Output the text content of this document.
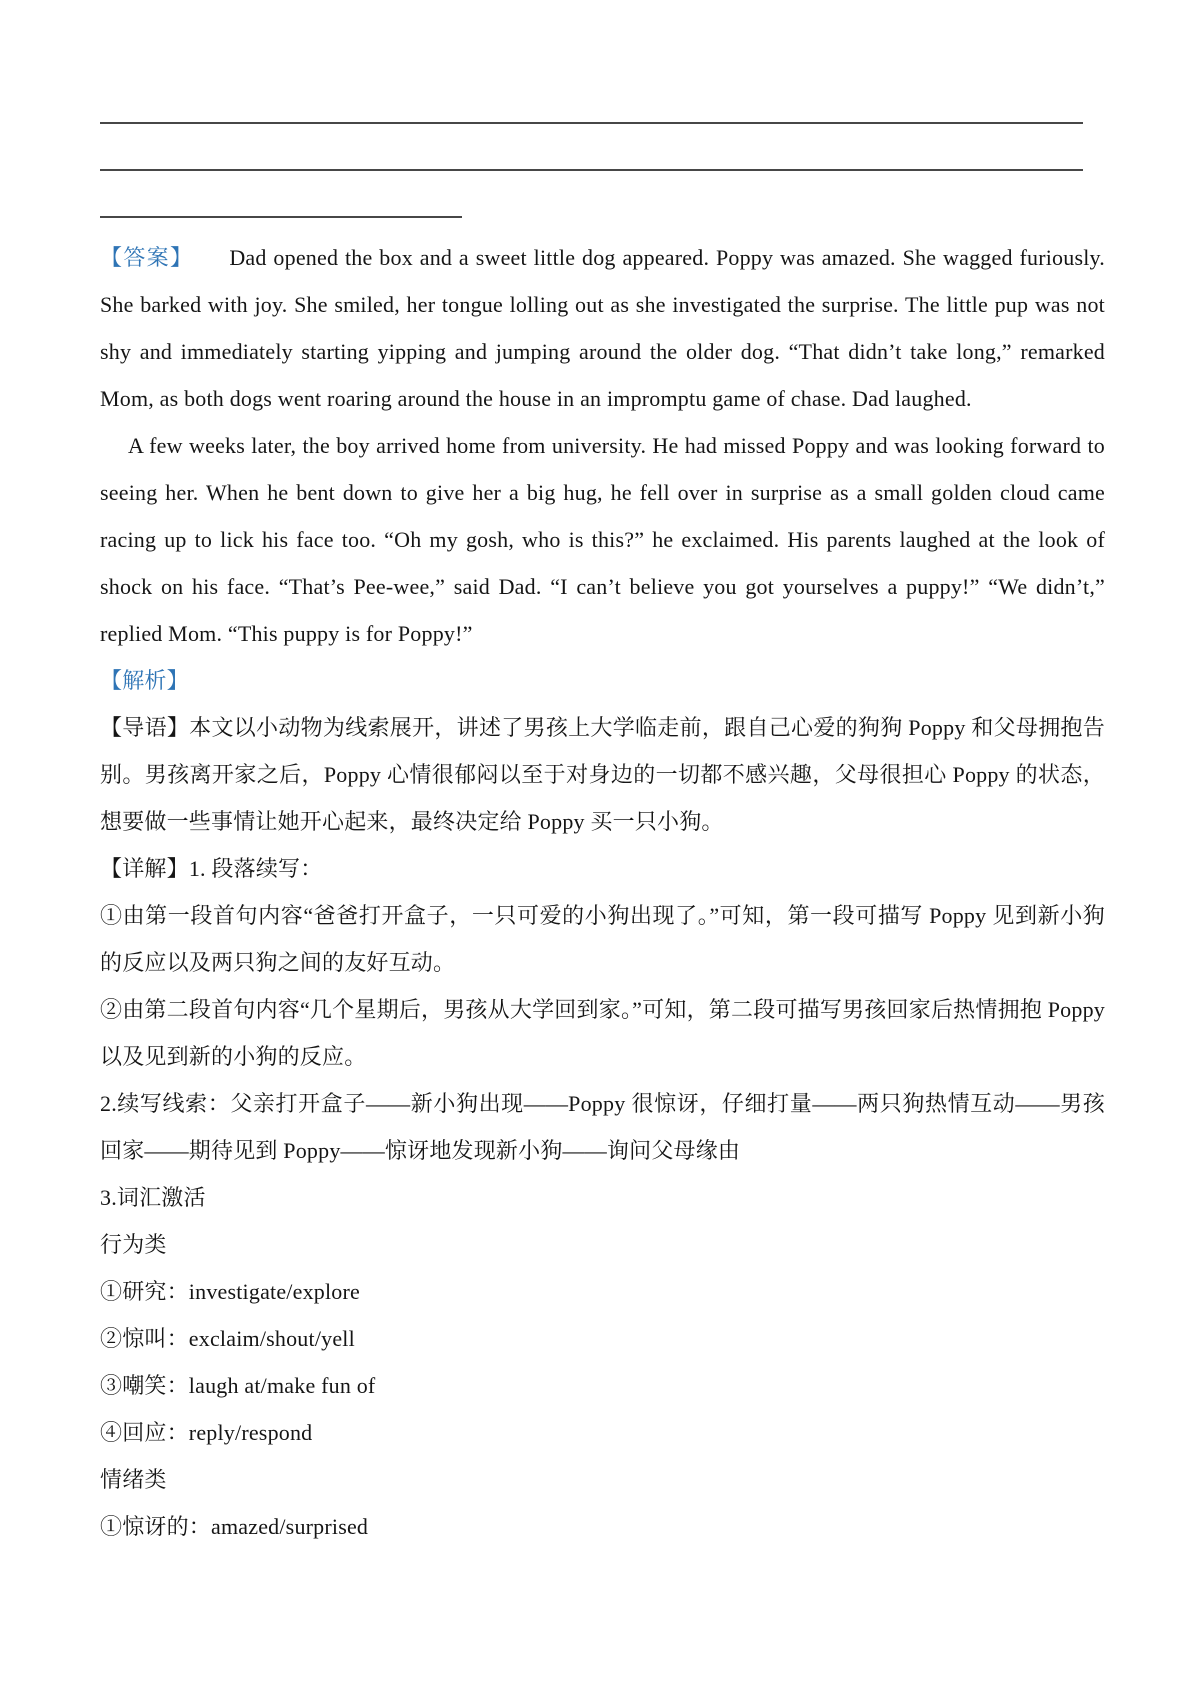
【答案】 Dad opened the box and a sweet little dog appeared. Poppy was amazed. She wagged furiously. She barked with joy. She smiled, her tongue lolling out as she investigated the surprise. The little pup was not shy and immediately starting yipping and jumping around the older dog. “That didn’t take long,” remarked Mom, as both dogs went roaring around the house in an impromptu game of chase. Dad laughed.

A few weeks later, the boy arrived home from university. He had missed Poppy and was looking forward to seeing her. When he bent down to give her a big hug, he fell over in surprise as a small golden cloud came racing up to lick his face too. “Oh my gosh, who is this?” he exclaimed. His parents laughed at the look of shock on his face. “That’s Pee-wee,” said Dad. “I can’t believe you got yourselves a puppy!” “We didn’t,” replied Mom. “This puppy is for Poppy!”

【解析】

【导语】本文以小动物为线索展开，讲述了男孩上大学临走前，跟自己心爱的狗狗 Poppy 和父母拥抱告别。男孩离开家之后，Poppy 心情很郁闷以至于对身边的一切都不感兴趣，父母很担心 Poppy 的状态，想要做一些事情让她开心起来，最终决定给 Poppy 买一只小狗。

【详解】1. 段落续写：

①由第一段首句内容“爸爸打开盒子，一只可爱的小狗出现了。”可知，第一段可描写 Poppy 见到新小狗的反应以及两只狗之间的友好互动。

②由第二段首句内容“几个星期后，男孩从大学回到家。”可知，第二段可描写男孩回家后热情拥抱 Poppy 以及见到新的小狗的反应。

2.续写线索：父亲打开盒子——新小狗出现——Poppy 很惊讶，仔细打量——两只狗热情互动——男孩回家——期待见到 Poppy——惊讶地发现新小狗——询问父母缘由

3.词汇激活

行为类

①研究：investigate/explore

②惊叫：exclaim/shout/yell

③嘲笑：laugh at/make fun of

④回应：reply/respond

情绪类

①惊讶的：amazed/surprised
